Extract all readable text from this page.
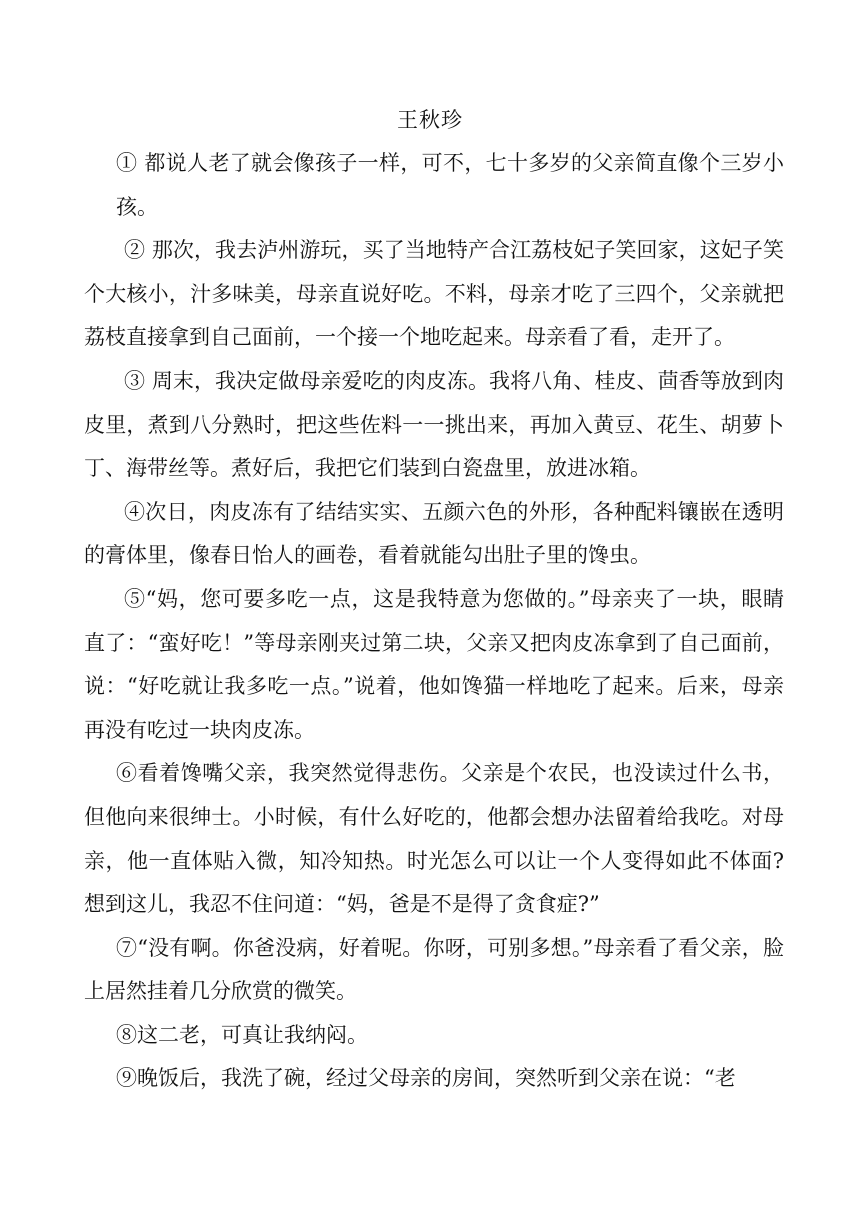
王秋珍

① 都说人老了就会像孩子一样，可不，七十多岁的父亲简直像个三岁小孩。

② 那次，我去泸州游玩，买了当地特产合江荔枝妃子笑回家，这妃子笑个大核小，汁多味美，母亲直说好吃。不料，母亲才吃了三四个，父亲就把荔枝直接拿到自己面前，一个接一个地吃起来。母亲看了看，走开了。

③ 周末，我决定做母亲爱吃的肉皮冻。我将八角、桂皮、茴香等放到肉皮里，煮到八分熟时，把这些佐料一一挑出来，再加入黄豆、花生、胡萝卜丁、海带丝等。煮好后，我把它们装到白瓷盘里，放进冰箱。

④次日，肉皮冻有了结结实实、五颜六色的外形，各种配料镶嵌在透明的膏体里，像春日怡人的画卷，看着就能勾出肚子里的馋虫。

⑤“妈，您可要多吃一点，这是我特意为您做的。”母亲夹了一块，眼睛直了：“蛮好吃！”等母亲刚夹过第二块，父亲又把肉皮冻拿到了自己面前，说：“好吃就让我多吃一点。”说着，他如馋猫一样地吃了起来。后来，母亲再没有吃过一块肉皮冻。

⑥看着馋嘴父亲，我突然觉得悲伤。父亲是个农民，也没读过什么书，但他向来很绅士。小时候，有什么好吃的，他都会想办法留着给我吃。对母亲，他一直体贴入微，知冷知热。时光怎么可以让一个人变得如此不体面?想到这儿，我忍不住问道：“妈，爸是不是得了贪食症?”

⑦“没有啊。你爸没病，好着呢。你呀，可别多想。”母亲看了看父亲，脸上居然挂着几分欣赏的微笑。

⑧这二老，可真让我纳闷。

⑨晚饭后，我洗了碗，经过父母亲的房间，突然听到父亲在说：“老
